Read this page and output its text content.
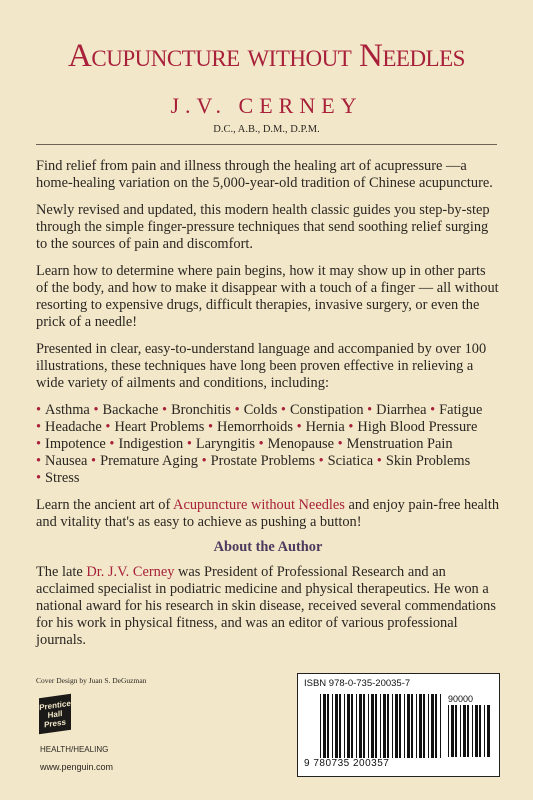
Acupuncture without Needles
J.V. CERNEY
D.C., A.B., D.M., D.P.M.

Find relief from pain and illness through the healing art of acupressure —a home-healing variation on the 5,000-year-old tradition of Chinese acupuncture.

Newly revised and updated, this modern health classic guides you step-by-step through the simple finger-pressure techniques that send soothing relief surging to the sources of pain and discomfort.

Learn how to determine where pain begins, how it may show up in other parts of the body, and how to make it disappear with a touch of a finger — all without resorting to expensive drugs, difficult therapies, invasive surgery, or even the prick of a needle!

Presented in clear, easy-to-understand language and accompanied by over 100 illustrations, these techniques have long been proven effective in relieving a wide variety of ailments and conditions, including:

• Asthma • Backache • Bronchitis • Colds • Constipation • Diarrhea • Fatigue • Headache • Heart Problems • Hemorrhoids • Hernia • High Blood Pressure • Impotence • Indigestion • Laryngitis • Menopause • Menstruation Pain • Nausea • Premature Aging • Prostate Problems • Sciatica • Skin Problems • Stress

Learn the ancient art of Acupuncture without Needles and enjoy pain-free health and vitality that's as easy to achieve as pushing a button!

About the Author

The late Dr. J.V. Cerney was President of Professional Research and an acclaimed specialist in podiatric medicine and physical therapeutics. He won a national award for his research in skin disease, received several commendations for his work in physical fitness, and was an editor of various professional journals.

Cover Design by Juan S. DeGuzman
Prentice
Hall Press
HEALTH/HEALING
www.penguin.com
ISBN 978-0-735-20035-7
90000
9 780735 200357
